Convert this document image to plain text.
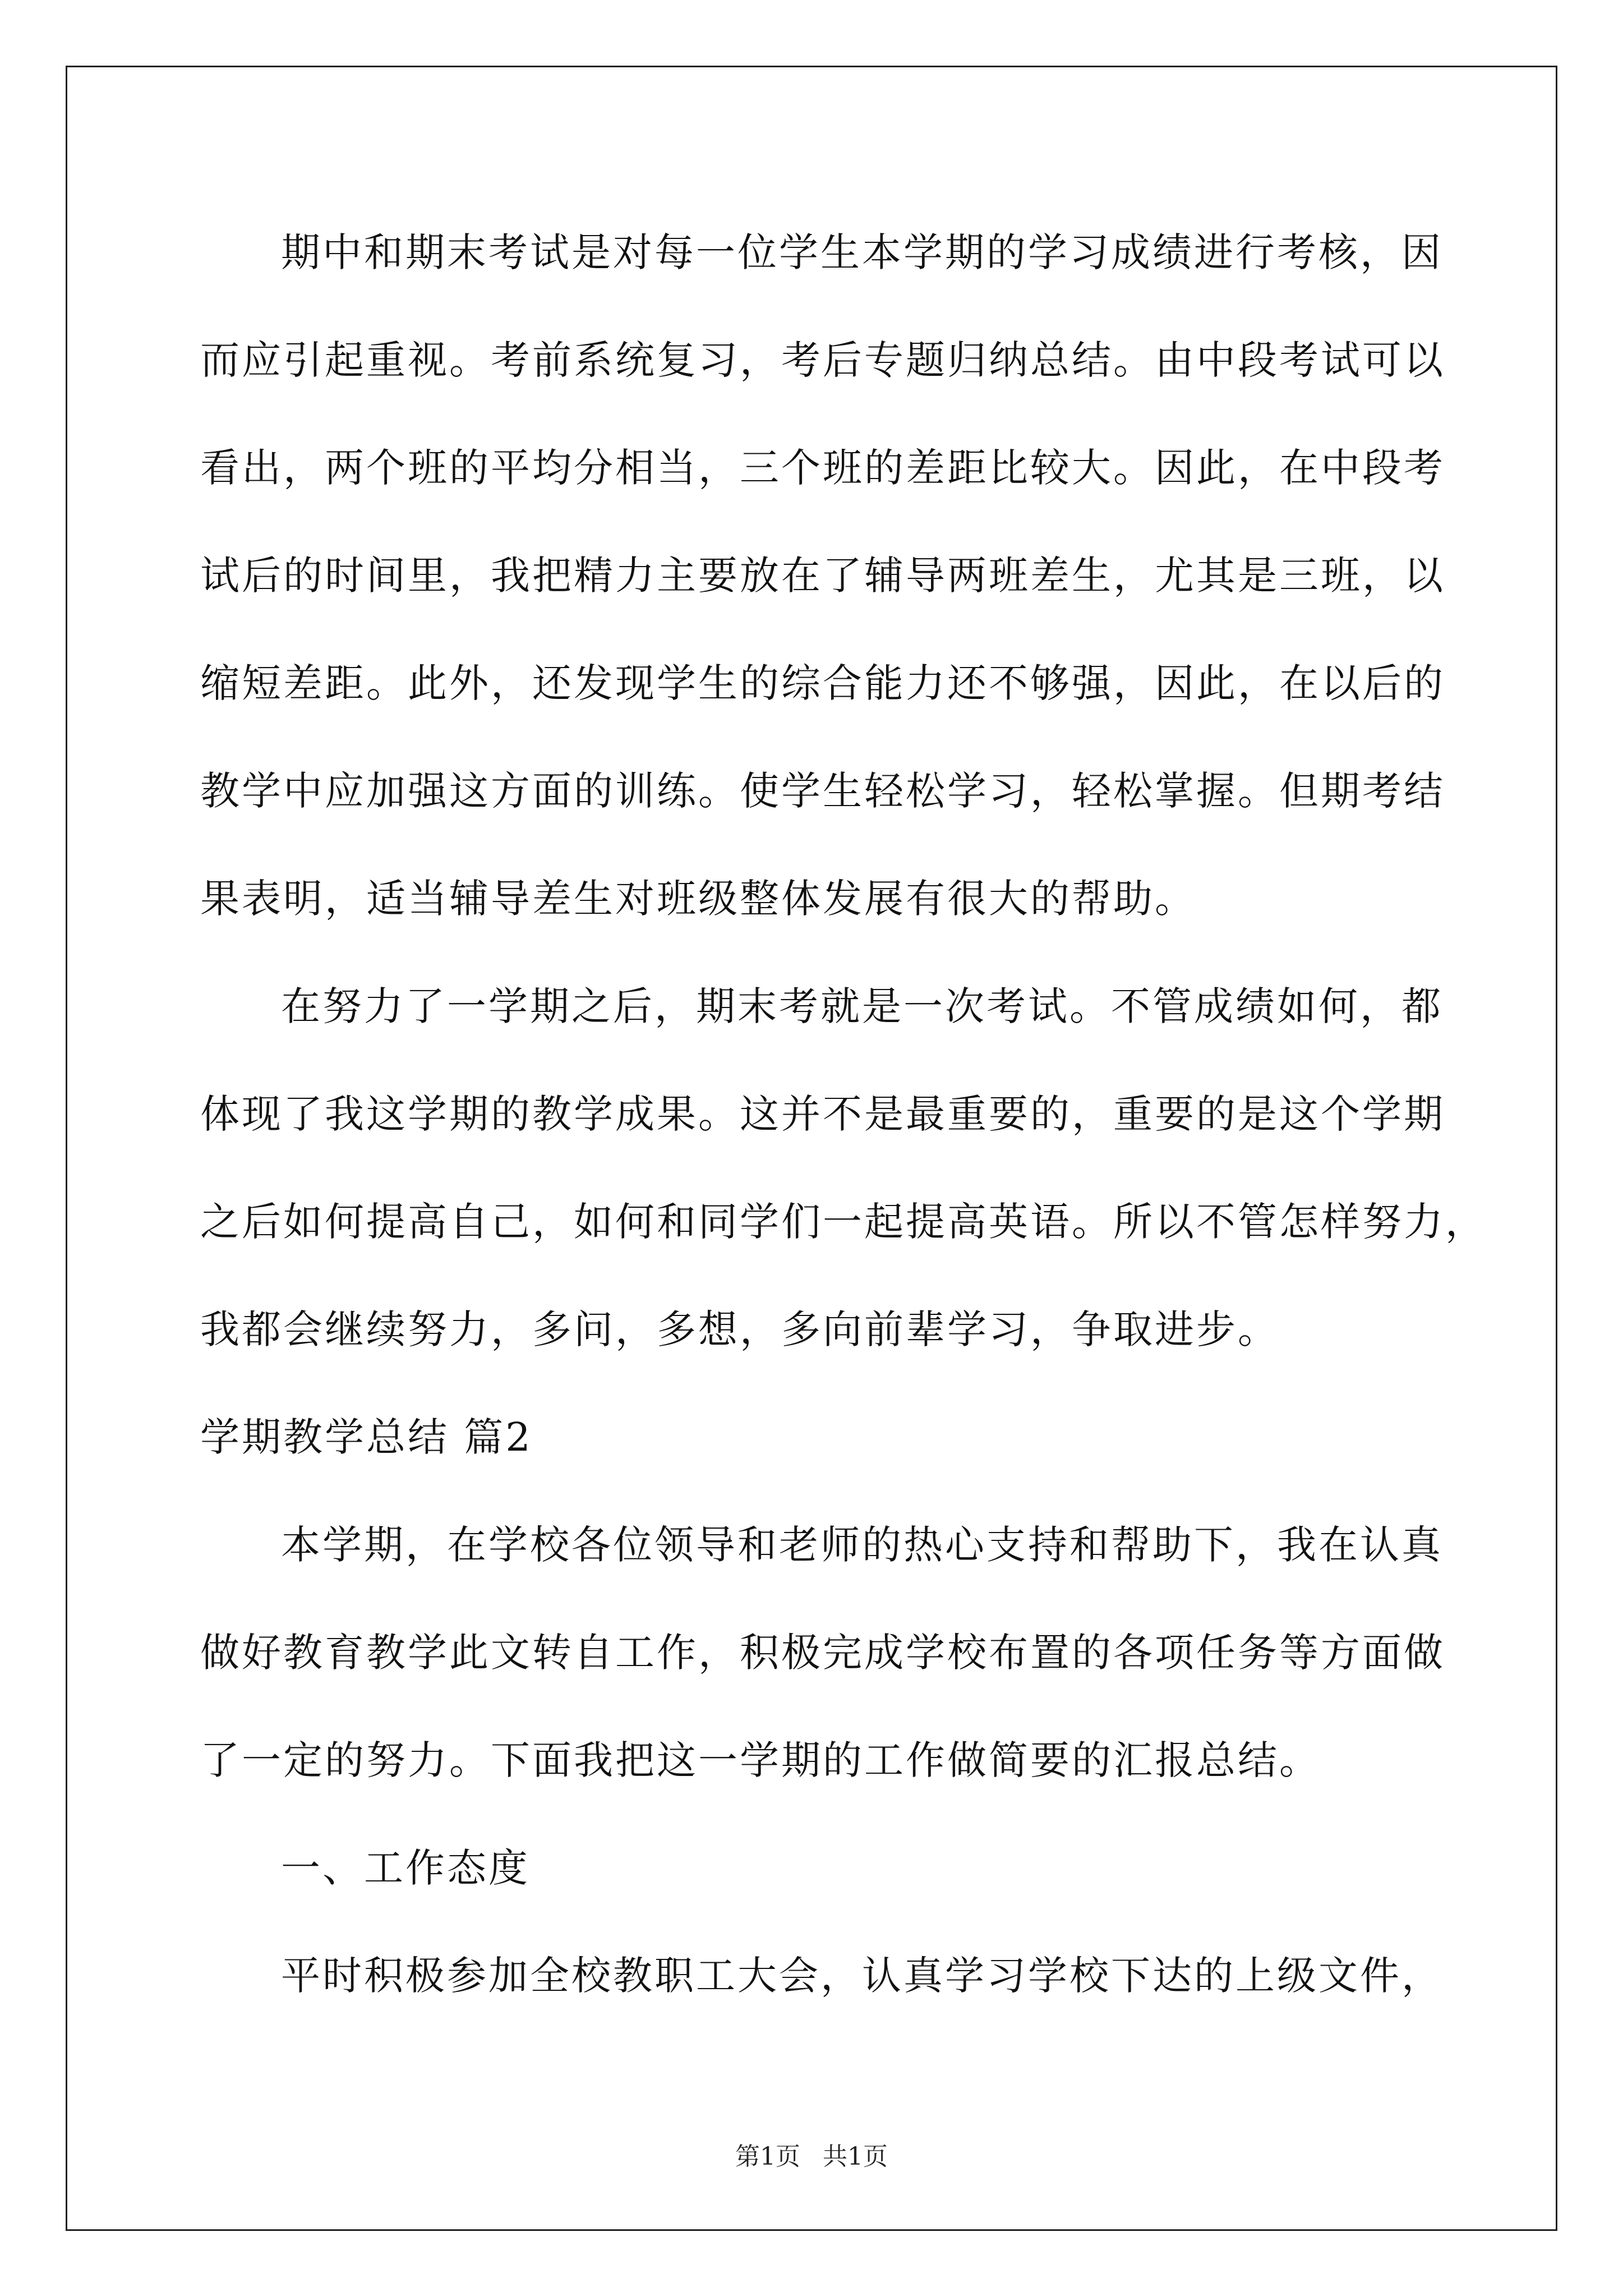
期中和期末考试是对每一位学生本学期的学习成绩进行考核，因
而应引起重视。考前系统复习，考后专题归纳总结。由中段考试可以
看出，两个班的平均分相当，三个班的差距比较大。因此，在中段考
试后的时间里，我把精力主要放在了辅导两班差生，尤其是三班，以
缩短差距。此外，还发现学生的综合能力还不够强，因此，在以后的
教学中应加强这方面的训练。使学生轻松学习，轻松掌握。但期考结
果表明，适当辅导差生对班级整体发展有很大的帮助。
在努力了一学期之后，期末考就是一次考试。不管成绩如何，都
体现了我这学期的教学成果。这并不是最重要的，重要的是这个学期
之后如何提高自己，如何和同学们一起提高英语。所以不管怎样努力，
我都会继续努力，多问，多想，多向前辈学习，争取进步。
学期教学总结 篇2
本学期，在学校各位领导和老师的热心支持和帮助下，我在认真
做好教育教学此文转自工作，积极完成学校布置的各项任务等方面做
了一定的努力。下面我把这一学期的工作做简要的汇报总结。
一、工作态度
平时积极参加全校教职工大会，认真学习学校下达的上级文件，
第1页 共1页
